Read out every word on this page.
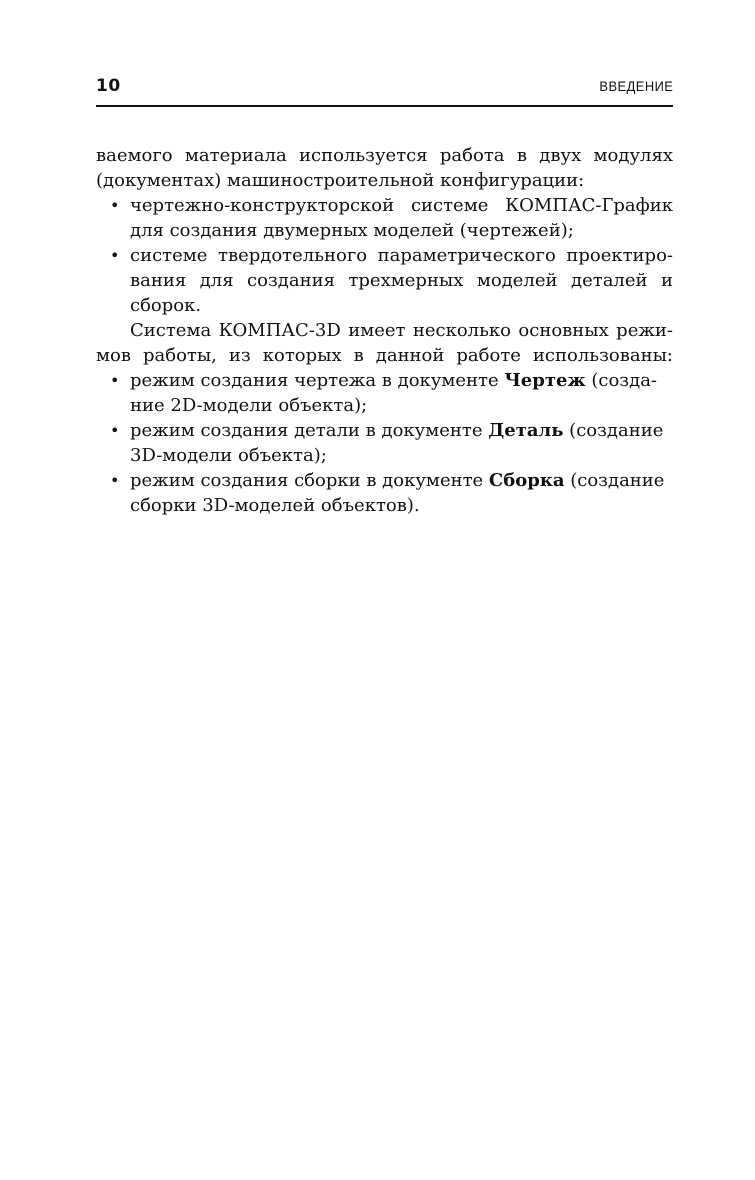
10	ВВЕДЕНИЕ
ваемого материала используется работа в двух модулях
(документах) машиностроительной конфигурации:
• чертежно-конструкторской системе КОМПАС-График
для создания двумерных моделей (чертежей);
• системе твердотельного параметрического проектиро-
вания для создания трехмерных моделей деталей и
сборок.
Система КОМПАС-3D имеет несколько основных режи-
мов работы, из которых в данной работе использованы:
• режим создания чертежа в документе Чертеж (созда-
ние 2D-модели объекта);
• режим создания детали в документе Деталь (создание
3D-модели объекта);
• режим создания сборки в документе Сборка (создание
сборки 3D-моделей объектов).
